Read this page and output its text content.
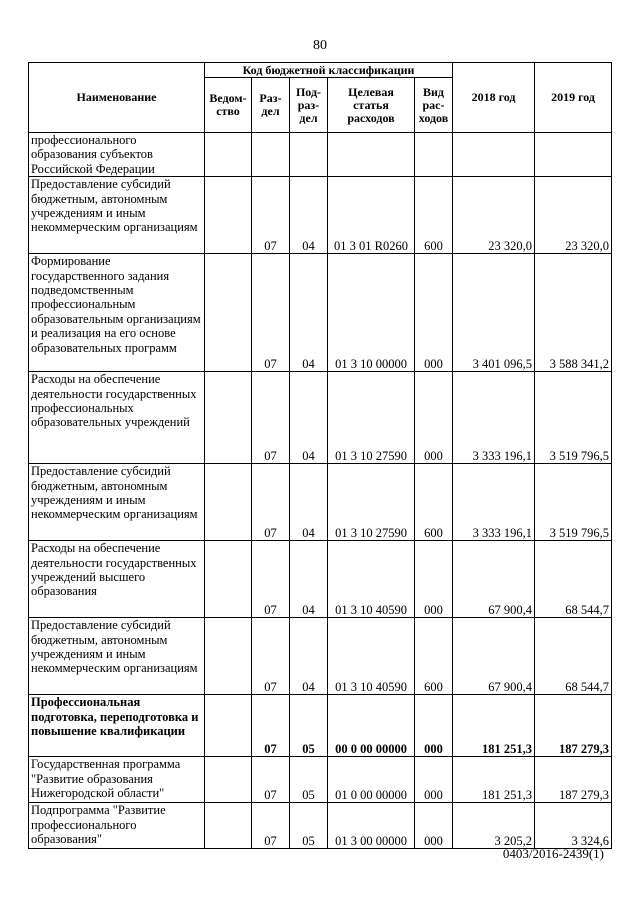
80
Наименование	Код бюджетной классификации					2018 год	2019 год
	Ведом- ство	Раз- дел	Под- раз- дел	Целевая статья расходов	Вид рас- ходов		
профессионального образования субъектов Российской Федерации							
Предоставление субсидий бюджетным, автономным учреждениям и иным некоммерческим организациям		07	04	01 3 01 R0260	600	23 320,0	23 320,0
Формирование государственного задания подведомственным профессиональным образовательным организациям и реализация на его основе образовательных программ		07	04	01 3 10 00000	000	3 401 096,5	3 588 341,2
Расходы на обеспечение деятельности государственных профессиональных образовательных учреждений		07	04	01 3 10 27590	000	3 333 196,1	3 519 796,5
Предоставление субсидий бюджетным, автономным учреждениям и иным некоммерческим организациям		07	04	01 3 10 27590	600	3 333 196,1	3 519 796,5
Расходы на обеспечение деятельности государственных учреждений высшего образования		07	04	01 3 10 40590	000	67 900,4	68 544,7
Предоставление субсидий бюджетным, автономным учреждениям и иным некоммерческим организациям		07	04	01 3 10 40590	600	67 900,4	68 544,7
Профессиональная подготовка, переподготовка и повышение квалификации		07	05	00 0 00 00000	000	181 251,3	187 279,3
Государственная программа "Развитие образования Нижегородской области"		07	05	01 0 00 00000	000	181 251,3	187 279,3
Подпрограмма "Развитие профессионального образования"		07	05	01 3 00 00000	000	3 205,2	3 324,6
0403/2016-2439(1)
